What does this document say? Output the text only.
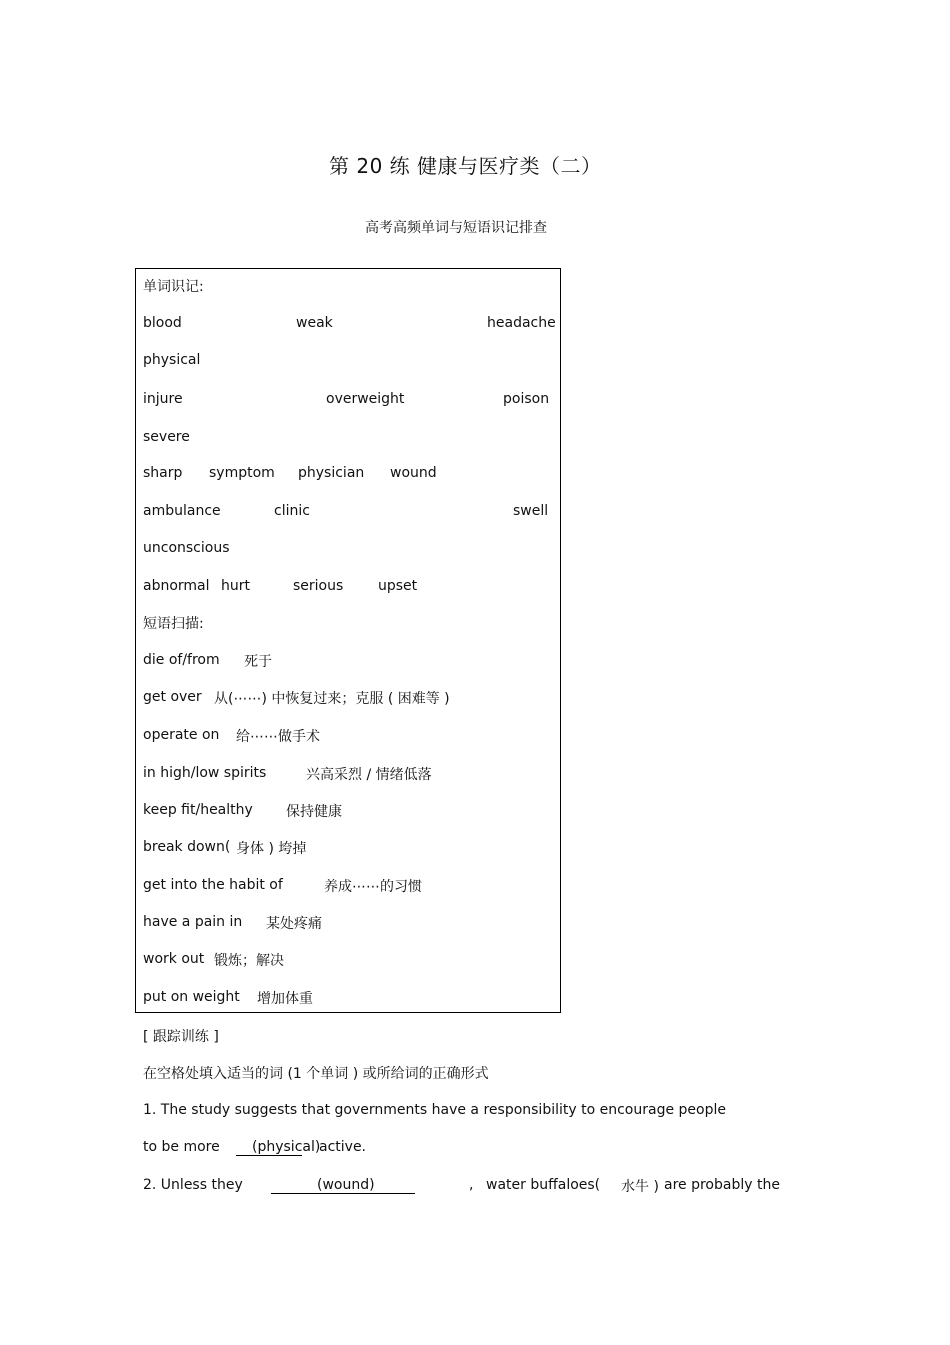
第 20 练 健康与医疗类（二）
高考高频单词与短语识记排查
单词识记:
blood	weak	headache
physical
injure	overweight	poison
severe
sharp symptom physician wound
ambulance	clinic	swell
unconscious
abnormal hurt	serious upset
短语扫描:
die of/from 死于
get over 从(⋯⋯) 中恢复过来；克服 ( 困难等 )
operate on 给⋯⋯做手术
in high/low spirits	兴高采烈 / 情绪低落
keep fit/healthy 保持健康
break down( 身体 ) 垮掉
get into the habit of	养成⋯⋯的习惯
have a pain in 某处疼痛
work out 锻炼；解决
put on weight 增加体重
[ 跟踪训练 ]
在空格处填入适当的词 (1 个单词 ) 或所给词的正确形式
1. The study suggests that governments have a responsibility to encourage people
to be more	(physical)
active.
2. Unless they	(wound)	, water buffaloes( 水牛 ) are probably the
